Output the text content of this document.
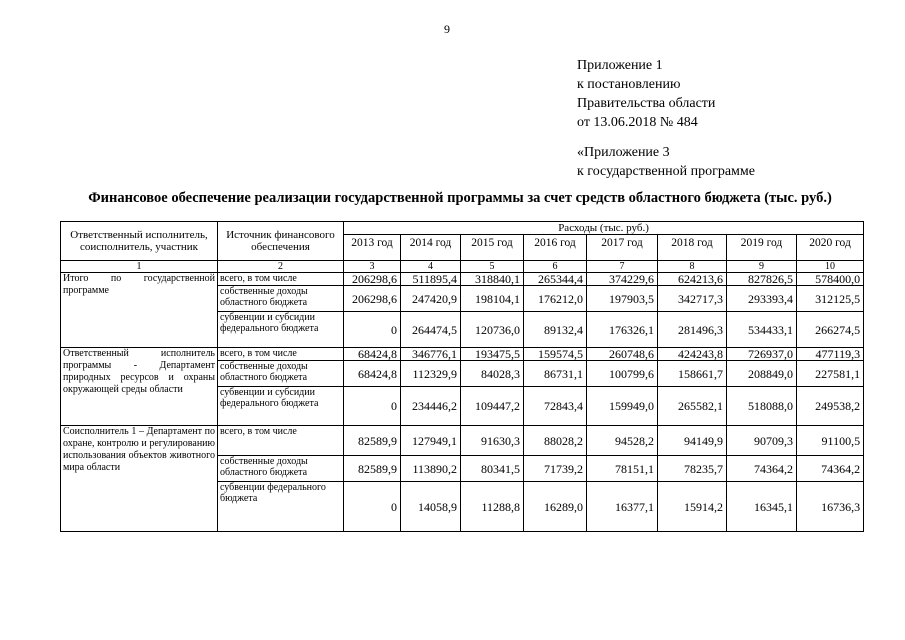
9
Приложение 1
к постановлению
Правительства области
от 13.06.2018 № 484
«Приложение 3
к государственной программе
Финансовое обеспечение реализации государственной программы за счет средств областного бюджета (тыс. руб.)
Ответственный исполнитель, соисполнитель, участник	Источник финансового обеспечения	Расходы (тыс. руб.)							
		2013 год	2014 год	2015 год	2016 год	2017 год	2018 год	2019 год	2020 год
1	2	3	4	5	6	7	8	9	10
Итого по государственной программе	всего, в том числе	206298,6	511895,4	318840,1	265344,4	374229,6	624213,6	827826,5	578400,0
	собственные доходы областного бюджета	206298,6	247420,9	198104,1	176212,0	197903,5	342717,3	293393,4	312125,5
	субвенции и субсидии федерального бюджета	0	264474,5	120736,0	89132,4	176326,1	281496,3	534433,1	266274,5
Ответственный исполнитель программы - Департамент природных ресурсов и охраны окружающей среды области	всего, в том числе	68424,8	346776,1	193475,5	159574,5	260748,6	424243,8	726937,0	477119,3
	собственные доходы областного бюджета	68424,8	112329,9	84028,3	86731,1	100799,6	158661,7	208849,0	227581,1
	субвенции и субсидии федерального бюджета	0	234446,2	109447,2	72843,4	159949,0	265582,1	518088,0	249538,2
Соисполнитель 1 – Департамент по охране, контролю и регулированию использования объектов животного мира области	всего, в том числе	82589,9	127949,1	91630,3	88028,2	94528,2	94149,9	90709,3	91100,5
	собственные доходы областного бюджета	82589,9	113890,2	80341,5	71739,2	78151,1	78235,7	74364,2	74364,2
	субвенции федерального бюджета	0	14058,9	11288,8	16289,0	16377,1	15914,2	16345,1	16736,3
